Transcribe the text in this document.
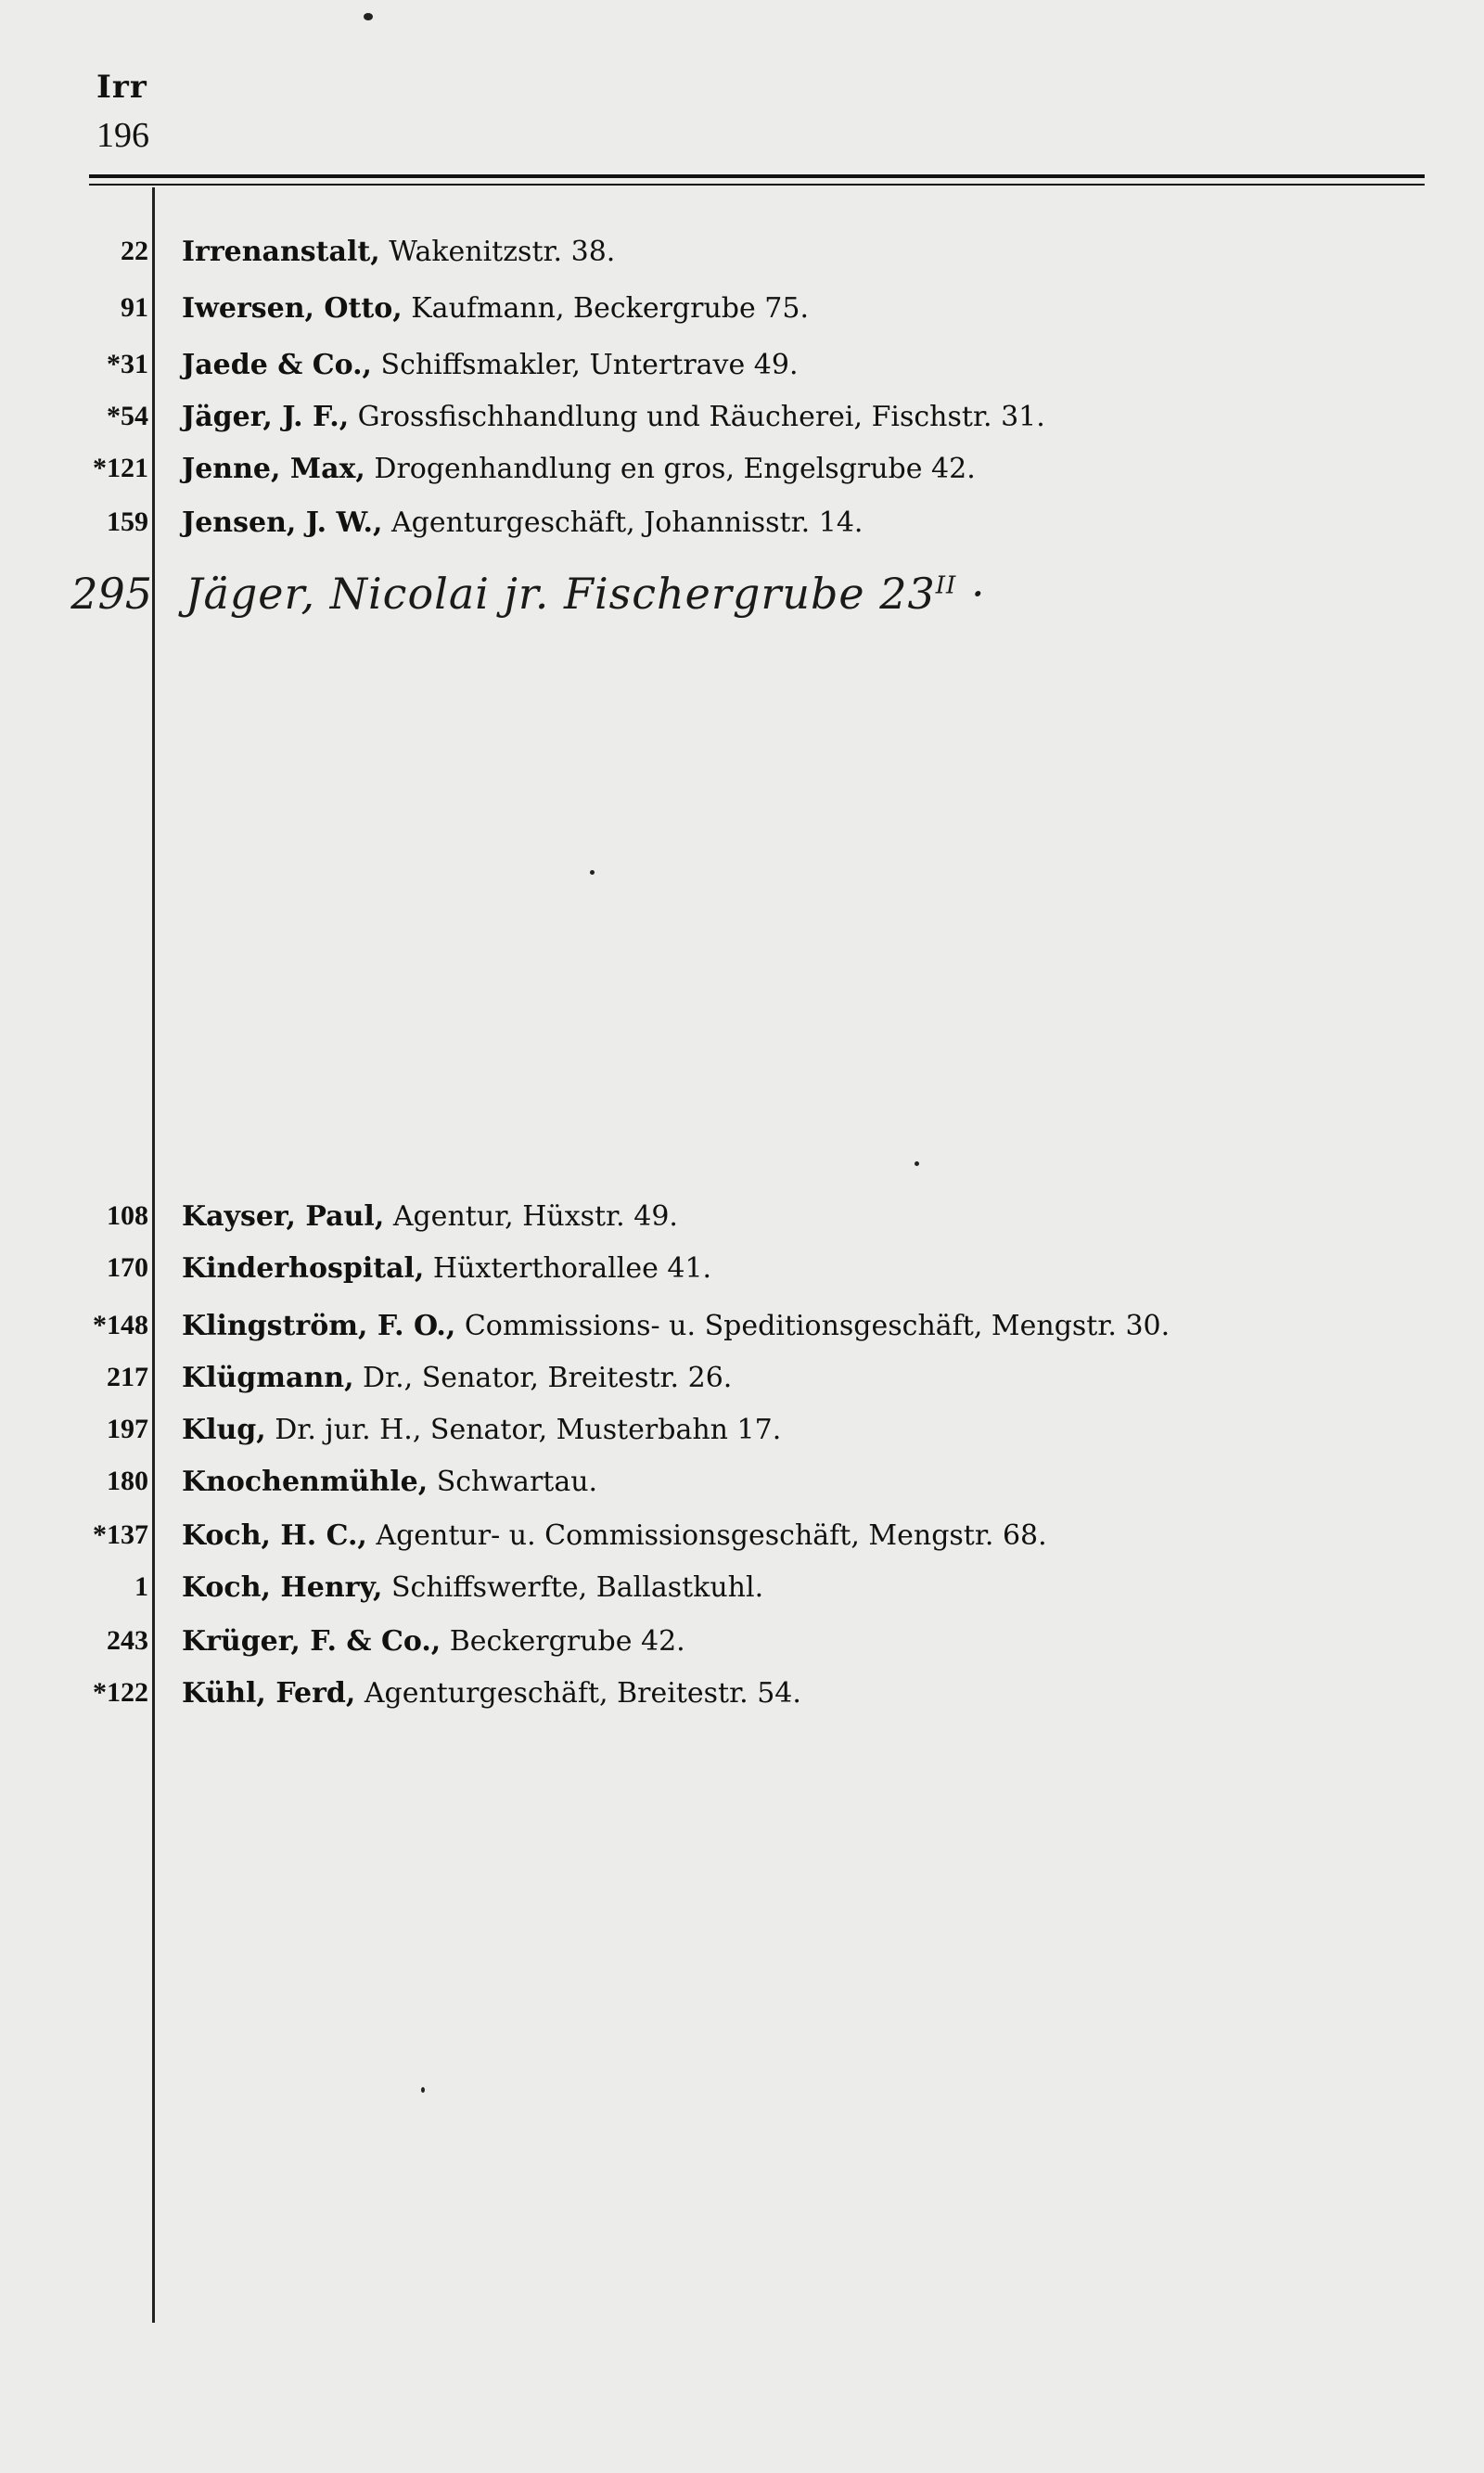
Irr
196
22 Irrenanstalt, Wakenitzstr. 38.
91 Iwersen, Otto, Kaufmann, Beckergrube 75.
*31 Jaede & Co., Schiffsmakler, Untertrave 49.
*54 Jäger, J. F., Grossfischhandlung und Räucherei, Fischstr. 31.
*121 Jenne, Max, Drogenhandlung en gros, Engelsgrube 42.
159 Jensen, J. W., Agenturgeschäft, Johannisstr. 14.
295 Jäger, Nicolai jr. Fischergrube $23^{II}$ ·
108 Kayser, Paul, Agentur, Hüxstr. 49.
170 Kinderhospital, Hüxterthorallee 41.
*148 Klingström, F. O., Commissions- u. Speditionsgeschäft, Mengstr. 30.
217 Klügmann, Dr., Senator, Breitestr. 26.
197 Klug, Dr. jur. H., Senator, Musterbahn 17.
180 Knochenmühle, Schwartau.
*137 Koch, H. C., Agentur- u. Commissionsgeschäft, Mengstr. 68.
1 Koch, Henry, Schiffswerfte, Ballastkuhl.
243 Krüger, F. & Co., Beckergrube 42.
*122 Kühl, Ferd, Agenturgeschäft, Breitestr. 54.
